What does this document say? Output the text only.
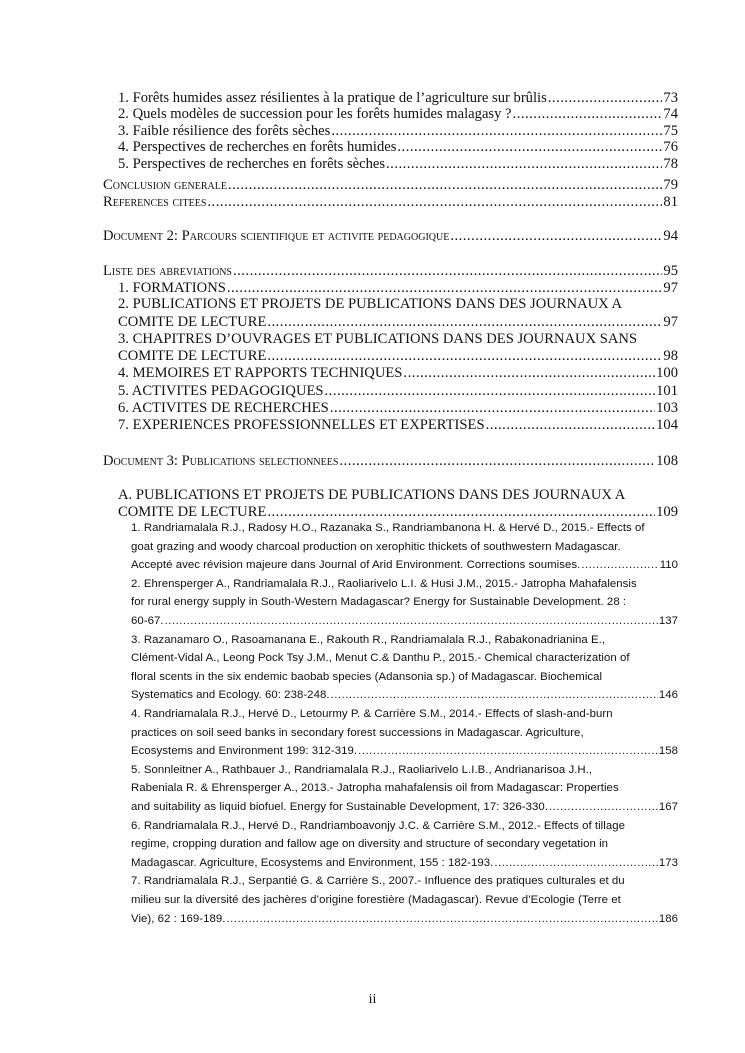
1. Forêts humides assez résilientes à la pratique de l’agriculture sur brûlis .....	73
2. Quels modèles de succession pour les forêts humides malagasy ? .....	74
3. Faible résilience des forêts sèches .....	75
4. Perspectives de recherches en forêts humides .....	76
5. Perspectives de recherches en forêts sèches .....	78
Conclusion generale .....	79
References citees .....	81
Document 2: Parcours scientifique et activite pedagogique .....	94
Liste des abreviations .....	95
1. FORMATIONS .....	97
2. PUBLICATIONS ET PROJETS DE PUBLICATIONS DANS DES JOURNAUX A
COMITE DE LECTURE .....	97
3. CHAPITRES D’OUVRAGES ET PUBLICATIONS DANS DES JOURNAUX SANS
COMITE DE LECTURE .....	98
4. MEMOIRES ET RAPPORTS TECHNIQUES .....	100
5. ACTIVITES PEDAGOGIQUES .....	101
6. ACTIVITES DE RECHERCHES .....	103
7. EXPERIENCES PROFESSIONNELLES ET EXPERTISES .....	104
Document 3: Publications selectionnees .....	108
A. PUBLICATIONS ET PROJETS DE PUBLICATIONS DANS DES JOURNAUX A
COMITE DE LECTURE .....	109
1. Randriamalala R.J., Radosy H.O., Razanaka S., Randriambanona H. & Hervé D., 2015.- Effects of
goat grazing and woody charcoal production on xerophitic thickets of southwestern Madagascar.
Accepté avec révision majeure dans Journal of Arid Environment. Corrections soumises. .....	110
2. Ehrensperger A., Randriamalala R.J., Raoliarivelo L.I. & Husi J.M., 2015.- Jatropha Mahafalensis
for rural energy supply in South-Western Madagascar? Energy for Sustainable Development. 28 :
60-67. .....	137
3. Razanamaro O., Rasoamanana E., Rakouth R., Randriamalala R.J., Rabakonadrianina E.,
Clément-Vidal A., Leong Pock Tsy J.M., Menut C.& Danthu P., 2015.- Chemical characterization of
floral scents in the six endemic baobab species (Adansonia sp.) of Madagascar. Biochemical
Systematics and Ecology. 60: 238-248. .....	146
4. Randriamalala R.J., Hervé D., Letourmy P. & Carrière S.M., 2014.- Effects of slash-and-burn
practices on soil seed banks in secondary forest successions in Madagascar. Agriculture,
Ecosystems and Environment 199: 312-319. .....	158
5. Sonnleitner A., Rathbauer J., Randriamalala R.J., Raoliarivelo L.I.B., Andrianarisoa J.H.,
Rabeniala R. & Ehrensperger A., 2013.- Jatropha mahafalensis oil from Madagascar: Properties
and suitability as liquid biofuel. Energy for Sustainable Development, 17: 326-330. .....	167
6. Randriamalala R.J., Hervé D., Randriamboavonjy J.C. & Carrière S.M., 2012.- Effects of tillage
regime, cropping duration and fallow age on diversity and structure of secondary vegetation in
Madagascar. Agriculture, Ecosystems and Environment, 155 : 182-193. .....	173
7. Randriamalala R.J., Serpantié G. & Carrière S., 2007.- Influence des pratiques culturales et du
milieu sur la diversité des jachères d’origine forestière (Madagascar). Revue d’Ecologie (Terre et
Vie), 62 : 169-189. .....	186
ii
